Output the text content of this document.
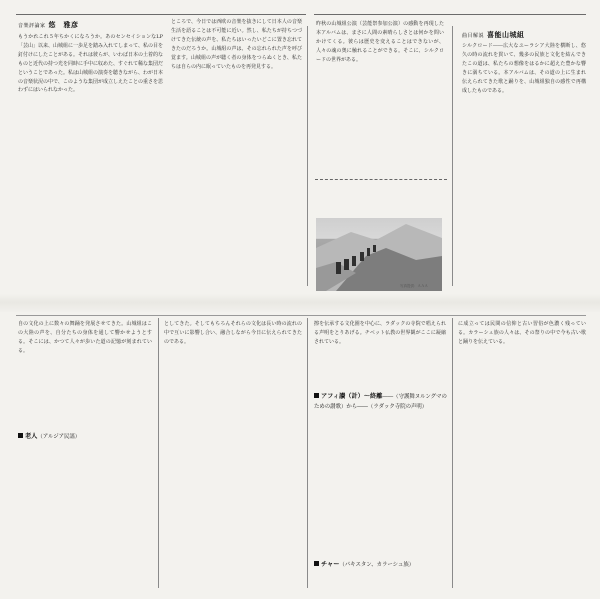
音楽評論家 悠　雅彦

もうかれこれ５年ちかくになろうか。あのセンセイションなLP「芸山」以来、山城組に一歩足を踏み入れてしまって、私の目を釘付けにしたことがある。それは彼らが、いわば日本の土着的なものと近代の持つ光を同時に手中に収めた、すぐれて稀な集団だということであった。私は山城組の演奏を聴きながら、わが日本の音楽状況の中で、このような集団が成立しえたことの重さを思わずにはいられなかった。

ところで、今日では西欧の音楽を抜きにして日本人の音楽生活を語ることは不可能に近い。然し、私たちが持ちつづけてきた伝統の声を、私たちはいったいどこに置き忘れてきたのだろうか。山城組の声は、その忘れられた声を呼び覚ます。山城組の声が聴く者の身体をつらぬくとき、私たちは自らの内に眠っていたものを再発見する。

昨秋の山城組公演（芸能祭参加公演）の感動を再現した本アルバムは、まさに人間の素晴らしさとは何かを問いかけてくる。彼らは歴史を変えることはできないが、人々の魂の奥に触れることができる。そこに、シルクロードの世界がある。

写真提供：ＡＡＡ
曲目解説 喜能山城組

シルクロード――広大なユーラシア大陸を横断し、悠久の時の流れを貫いて、幾多の民族と文化を結んできたこの道は、私たちの想像をはるかに超えた豊かな響きに満ちている。本アルバムは、その道の上に生まれ伝えられてきた歌と踊りを、山城組独自の感性で再構成したものである。

自の文化の上に数々の舞踊を発展させてきた。山城組はこの大陸の声を、自分たちの身体を通して響かせようとする。そこには、かつて人々が歩いた道の記憶が刻まれている。

老人（アルジア民謡）

としてきた。そしてもちろんそれらの文化は長い時の流れの中で互いに影響し合い、融合しながら今日に伝えられてきたのである。

擦を伝承する文化圏を中心に、ラダックの寺院で唱えられる声明をとりあげる。チベット仏教の世界観がここに凝縮されている。

アフィ讃（計）～終離――（守護舞ヌルングマのための讃歌）から――（ラダック寺院の声明）
チャー（パキスタン、カラーシュ族）

に成立っては民間の信仰と古い習俗が色濃く残っている。カラーシュ族の人々は、その祭りの中で今も古い歌と踊りを伝えている。
